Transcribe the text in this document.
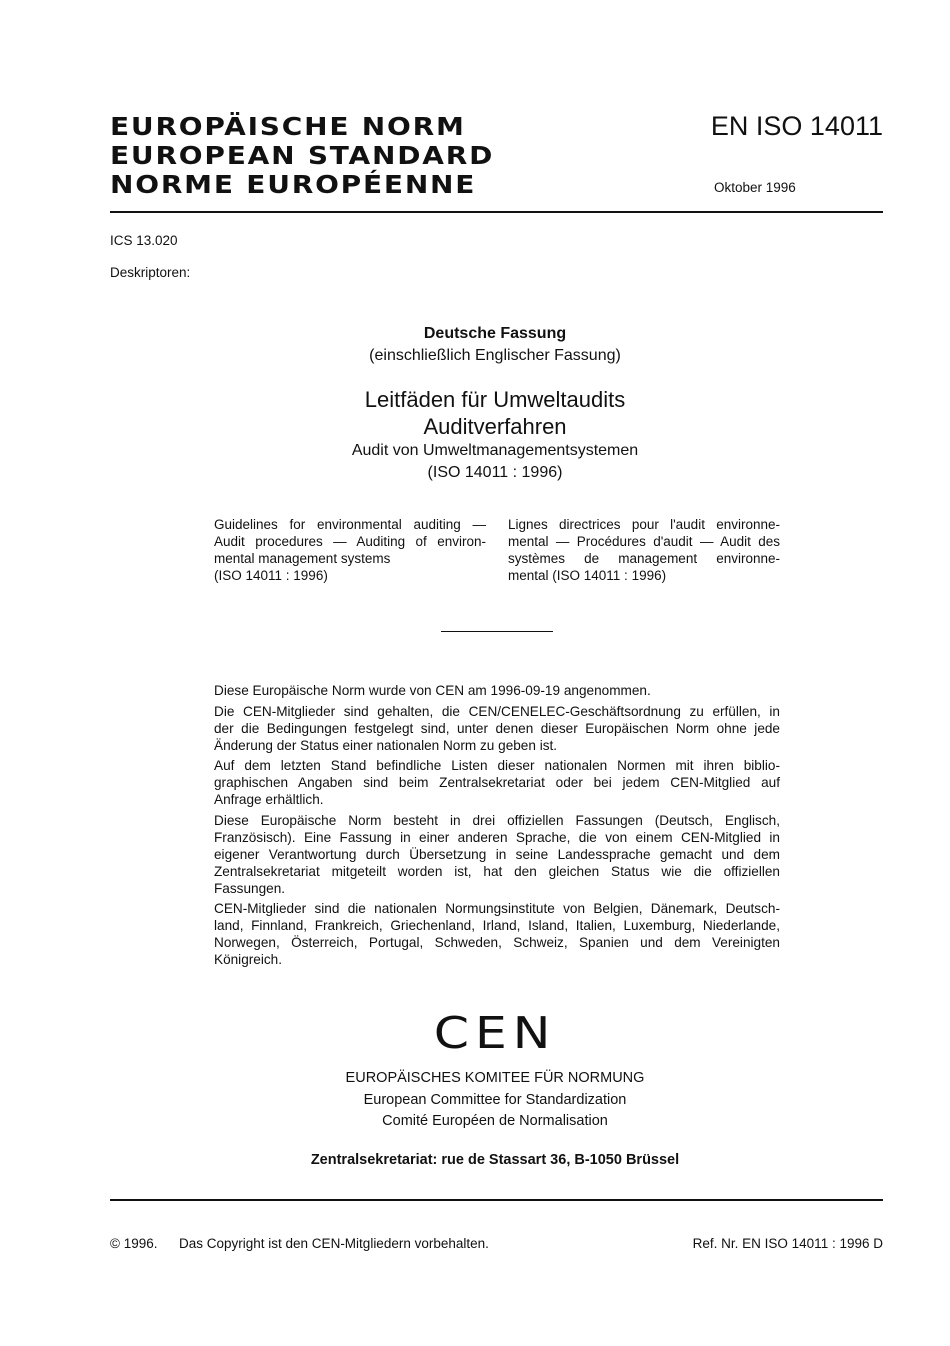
EUROPÄISCHE NORM
EUROPEAN STANDARD
NORME EUROPÉENNE
EN ISO 14011
Oktober 1996
ICS 13.020
Deskriptoren:
Deutsche Fassung
(einschließlich Englischer Fassung)
Leitfäden für Umweltaudits
Auditverfahren
Audit von Umweltmanagementsystemen
(ISO 14011 : 1996)
Guidelines for environmental auditing —
Audit procedures — Auditing of environ-
mental management systems
(ISO 14011 : 1996)
Lignes directrices pour l'audit environne-
mental — Procédures d'audit — Audit des
systèmes de management environne-
mental (ISO 14011 : 1996)
Diese Europäische Norm wurde von CEN am 1996-09-19 angenommen.
Die CEN-Mitglieder sind gehalten, die CEN/CENELEC-Geschäftsordnung zu erfüllen, in
der die Bedingungen festgelegt sind, unter denen dieser Europäischen Norm ohne jede
Änderung der Status einer nationalen Norm zu geben ist.
Auf dem letzten Stand befindliche Listen dieser nationalen Normen mit ihren biblio-
graphischen Angaben sind beim Zentralsekretariat oder bei jedem CEN-Mitglied auf
Anfrage erhältlich.
Diese Europäische Norm besteht in drei offiziellen Fassungen (Deutsch, Englisch,
Französisch). Eine Fassung in einer anderen Sprache, die von einem CEN-Mitglied in
eigener Verantwortung durch Übersetzung in seine Landessprache gemacht und dem
Zentralsekretariat mitgeteilt worden ist, hat den gleichen Status wie die offiziellen
Fassungen.
CEN-Mitglieder sind die nationalen Normungsinstitute von Belgien, Dänemark, Deutsch-
land, Finnland, Frankreich, Griechenland, Irland, Island, Italien, Luxemburg, Niederlande,
Norwegen, Österreich, Portugal, Schweden, Schweiz, Spanien und dem Vereinigten
Königreich.
CEN
EUROPÄISCHES KOMITEE FÜR NORMUNG
European Committee for Standardization
Comité Européen de Normalisation
Zentralsekretariat: rue de Stassart 36, B-1050 Brüssel
© 1996. Das Copyright ist den CEN-Mitgliedern vorbehalten.	Ref. Nr. EN ISO 14011 : 1996 D
